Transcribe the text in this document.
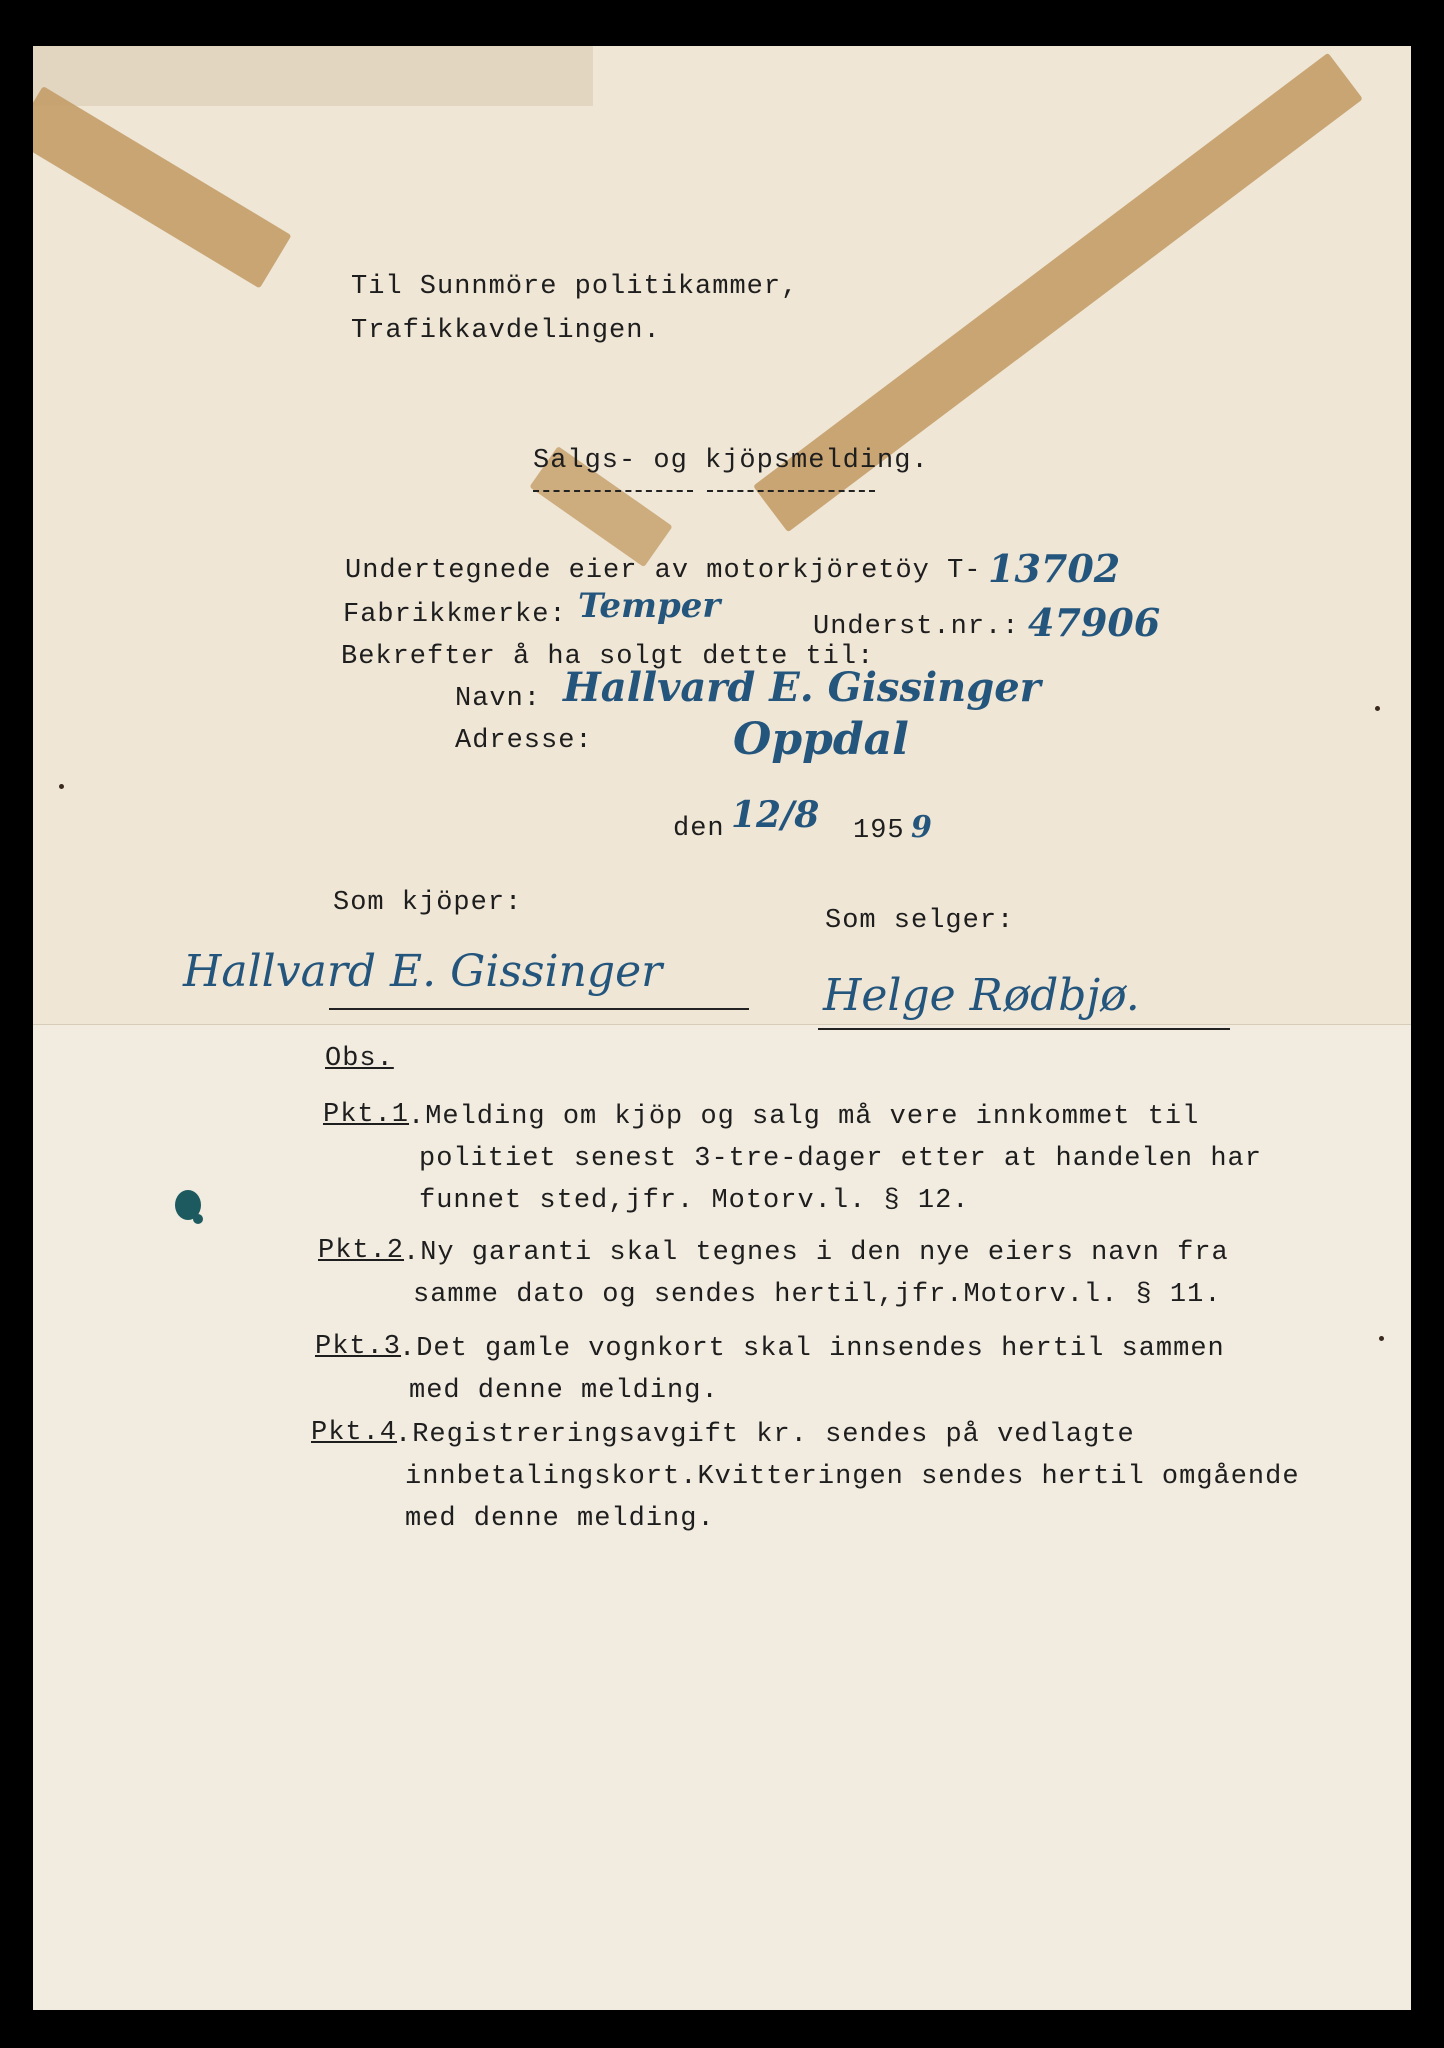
Til Sunnmöre politikammer,
Trafikkavdelingen.
Salgs- og kjöpsmelding.
Undertegnede eier av motorkjöretöy T- 13702
Fabrikkmerke: Temper
Underst.nr.: 47906
Bekrefter å ha solgt dette til:
Navn: Hallvard E. Gissinger
Adresse:	Oppdal
den 12/8 195 9
Som kjöper:
Som selger:
Hallvard E. Gissinger	Helge Rødbjø.
Obs.
Pkt.1
.Melding om kjöp og salg må vere innkommet til
politiet senest 3-tre-dager etter at handelen har
funnet sted,jfr. Motorv.l. § 12.
Pkt.2
.Ny garanti skal tegnes i den nye eiers navn fra
samme dato og sendes hertil,jfr.Motorv.l. § 11.
Pkt.3
.Det gamle vognkort skal innsendes hertil sammen
med denne melding.
Pkt.4
.Registreringsavgift kr. sendes på vedlagte
innbetalingskort.Kvitteringen sendes hertil omgående
med denne melding.
